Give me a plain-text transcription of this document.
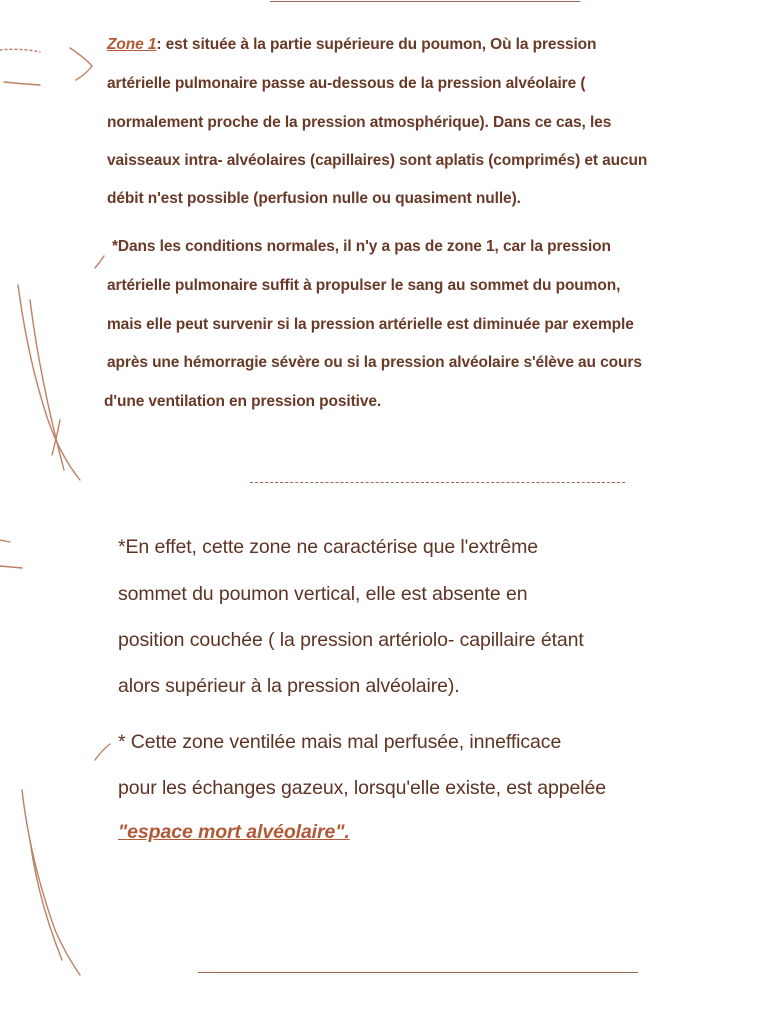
Zone 1: est située à la partie supérieure du poumon, Où la pression

artérielle pulmonaire passe au-dessous de la pression alvéolaire (

normalement proche de la pression atmosphérique). Dans ce cas, les

vaisseaux intra- alvéolaires (capillaires) sont aplatis (comprimés) et aucun

débit n'est possible (perfusion nulle ou quasiment nulle).

*Dans les conditions normales, il n'y a pas de zone 1, car la pression

artérielle pulmonaire suffit à propulser le sang au sommet du poumon,

mais elle peut survenir si la pression artérielle est diminuée par exemple

après une hémorragie sévère ou si la pression alvéolaire s'élève au cours

d'une ventilation en pression positive.

*En effet, cette zone ne caractérise que l'extrême

sommet du poumon vertical, elle est absente en

position couchée ( la pression artériolo- capillaire étant

alors supérieur à la pression alvéolaire).

* Cette zone ventilée mais mal perfusée, innefficace

pour les échanges gazeux, lorsqu'elle existe, est appelée

"espace mort alvéolaire".
